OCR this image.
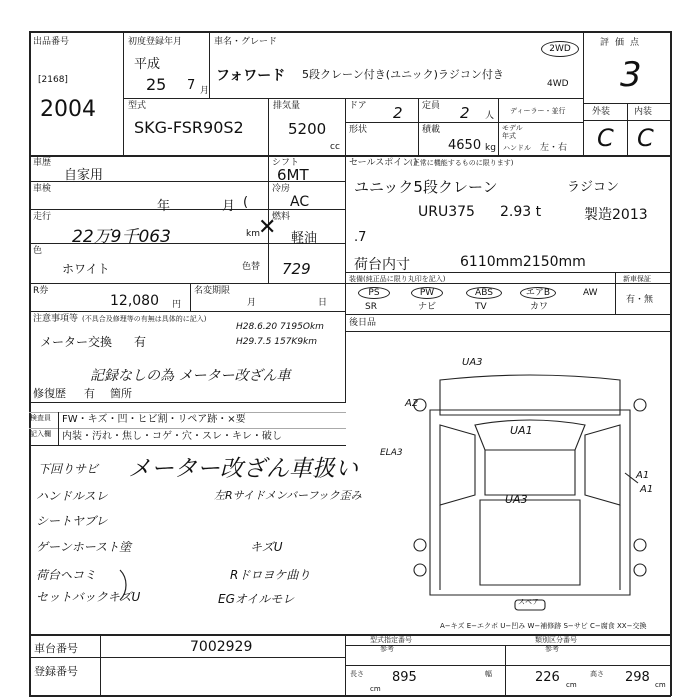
出品番号
[2168]
2004
初度登録年月
平成
25 7 月
車名・グレード
フォワード 5段クレーン付き(ユニック)ラジコン付き
2WD
4WD
評価点
3
型式
SKG-FSR90S2
排気量
5200
cc
ドア 2 定員 2 人 ディーラー・並行
形状	積載
4650 kg
モデル年式
ハンドル 左・右
外装	内装
C C
車歴
自家用
車検
年	月 (
走行
22万9千063	km
✕
色
ホワイト
R券
12,080 円
名変期限
月	日
シフト
6MT
冷房
AC
燃料
軽油
色替 729
セールスポイント
(正常に機能するものに限ります)
ユニック5段クレーン	ラジコン
URU375 2.93 t	製造2013
.7
荷台内寸	6110mm2150mm
装備(純正品に限り丸印を記入)	新車保証
有・無
PS	PW	ABS	エアB	AW
SR	ナビ	TV	カワ
後日品
注意事項等 (不具合及修理等の有無は具体的に記入)
メーター交換 有
H28.6.20 7195Okm
H29.7.5 157K9km
記録なしの為 メーター改ざん車
修復歴 有 箇所
検査員
記入欄
FW・キズ・凹・ヒビ割・リペア跡・×要
内装・汚れ・焦し・コゲ・穴・スレ・キレ・破し
下回りサビ メーター改ざん車扱い
ELA3
ハンドルスレ	左Rサイドメンバーフック歪み
シートヤブレ
ゲーンホースト塗	キズU
荷台ヘコミ	Rドロヨケ曲り
セットバックキズU	EGオイルモレ
UA3
A2
UA1
UA3
A1
A1
スペア
A−キズ E−エクボ U−凹み W−補修跡 S−サビ C−腐食 XX−交換
車台番号	7002929
登録番号
型式指定番号
参考
類別区分番号
参考
長さ 895
cm
幅	226 cm
高さ 298 cm
